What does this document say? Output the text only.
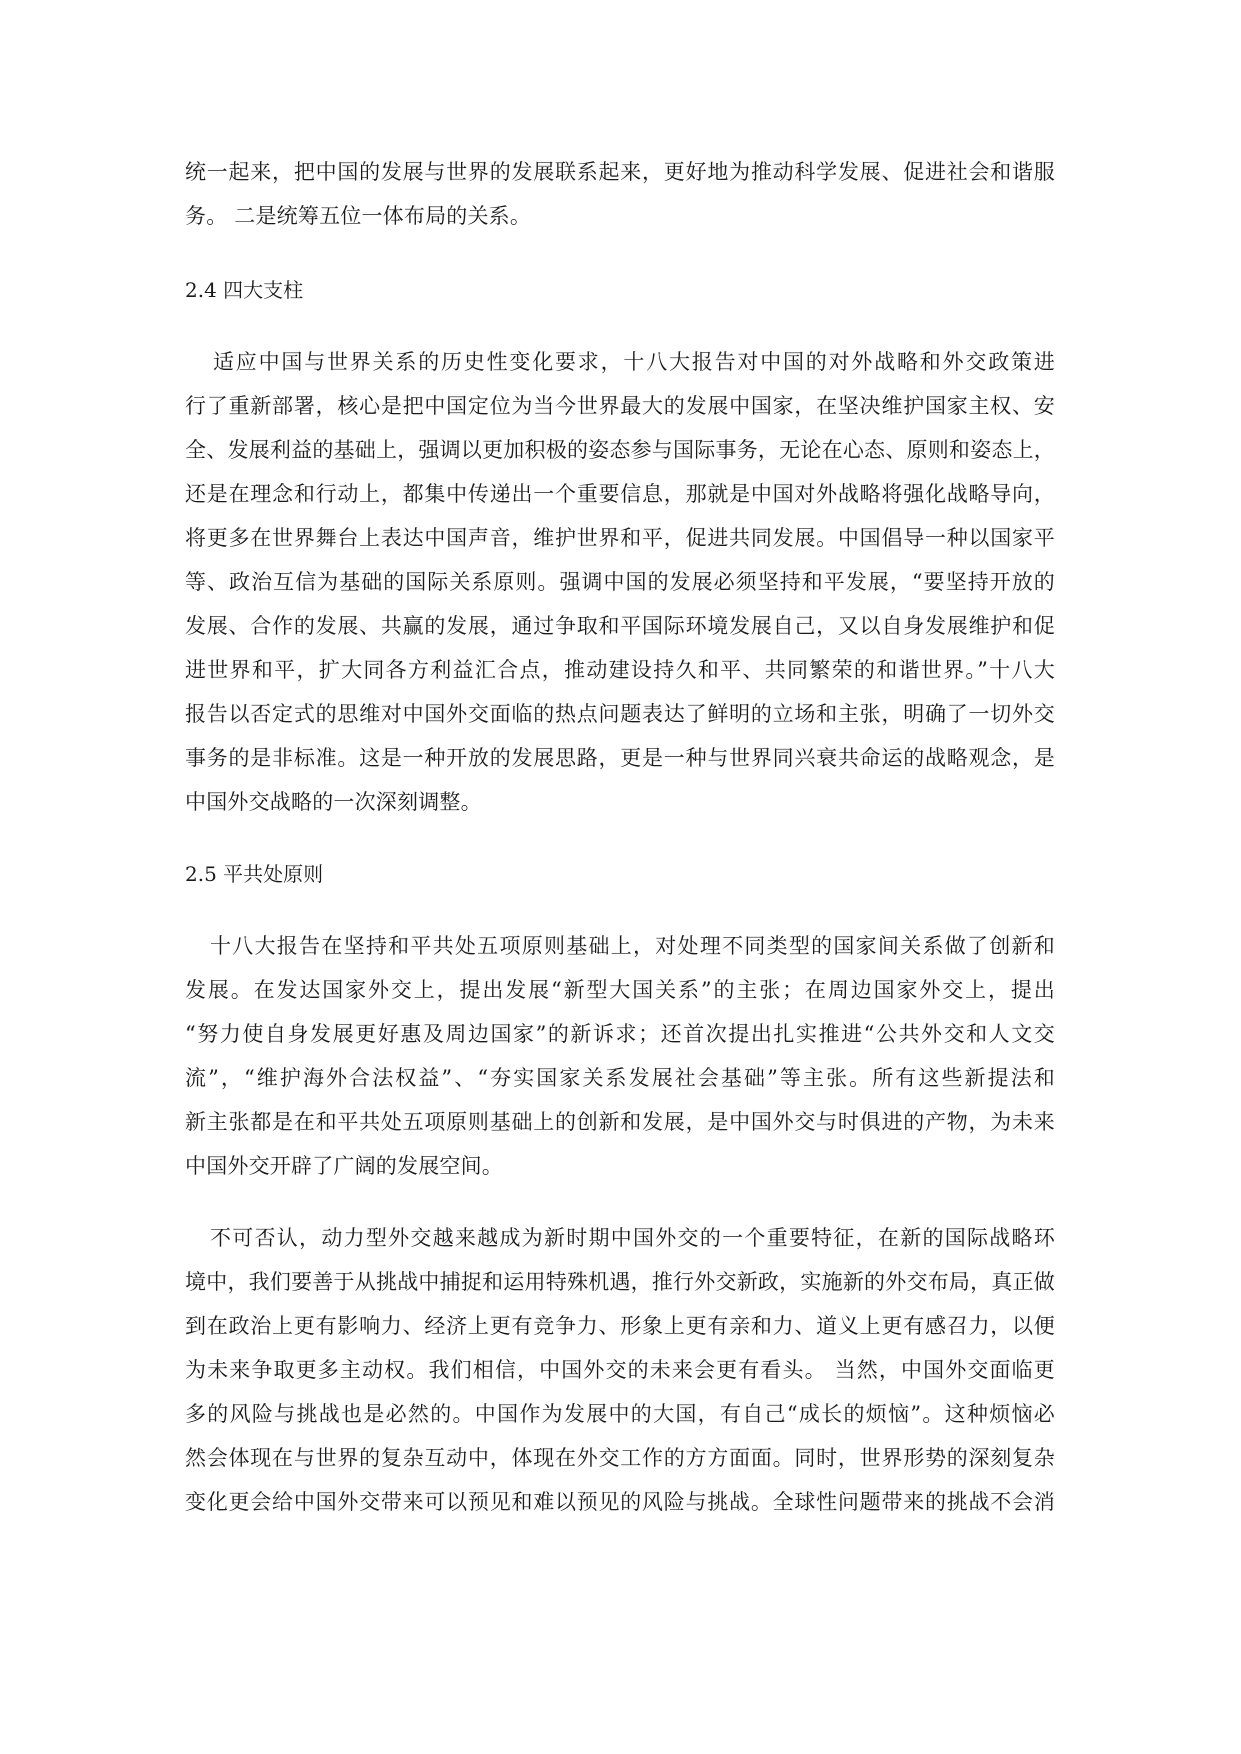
统一起来，把中国的发展与世界的发展联系起来，更好地为推动科学发展、促进社会和谐服
务。 二是统筹五位一体布局的关系。
2.4 四大支柱
适应中国与世界关系的历史性变化要求，十八大报告对中国的对外战略和外交政策进
行了重新部署，核心是把中国定位为当今世界最大的发展中国家，在坚决维护国家主权、安
全、发展利益的基础上，强调以更加积极的姿态参与国际事务，无论在心态、原则和姿态上，
还是在理念和行动上，都集中传递出一个重要信息，那就是中国对外战略将强化战略导向，
将更多在世界舞台上表达中国声音，维护世界和平，促进共同发展。中国倡导一种以国家平
等、政治互信为基础的国际关系原则。强调中国的发展必须坚持和平发展，“要坚持开放的
发展、合作的发展、共赢的发展，通过争取和平国际环境发展自己，又以自身发展维护和促
进世界和平，扩大同各方利益汇合点，推动建设持久和平、共同繁荣的和谐世界。”十八大
报告以否定式的思维对中国外交面临的热点问题表达了鲜明的立场和主张，明确了一切外交
事务的是非标准。这是一种开放的发展思路，更是一种与世界同兴衰共命运的战略观念，是
中国外交战略的一次深刻调整。
2.5 平共处原则
十八大报告在坚持和平共处五项原则基础上，对处理不同类型的国家间关系做了创新和
发展。在发达国家外交上，提出发展“新型大国关系”的主张；在周边国家外交上，提出
“努力使自身发展更好惠及周边国家”的新诉求；还首次提出扎实推进“公共外交和人文交
流”，“维护海外合法权益”、“夯实国家关系发展社会基础”等主张。所有这些新提法和
新主张都是在和平共处五项原则基础上的创新和发展，是中国外交与时俱进的产物，为未来
中国外交开辟了广阔的发展空间。
不可否认，动力型外交越来越成为新时期中国外交的一个重要特征，在新的国际战略环
境中，我们要善于从挑战中捕捉和运用特殊机遇，推行外交新政，实施新的外交布局，真正做
到在政治上更有影响力、经济上更有竞争力、形象上更有亲和力、道义上更有感召力，以便
为未来争取更多主动权。我们相信，中国外交的未来会更有看头。 当然，中国外交面临更
多的风险与挑战也是必然的。中国作为发展中的大国，有自己“成长的烦恼”。这种烦恼必
然会体现在与世界的复杂互动中，体现在外交工作的方方面面。同时，世界形势的深刻复杂
变化更会给中国外交带来可以预见和难以预见的风险与挑战。全球性问题带来的挑战不会消
